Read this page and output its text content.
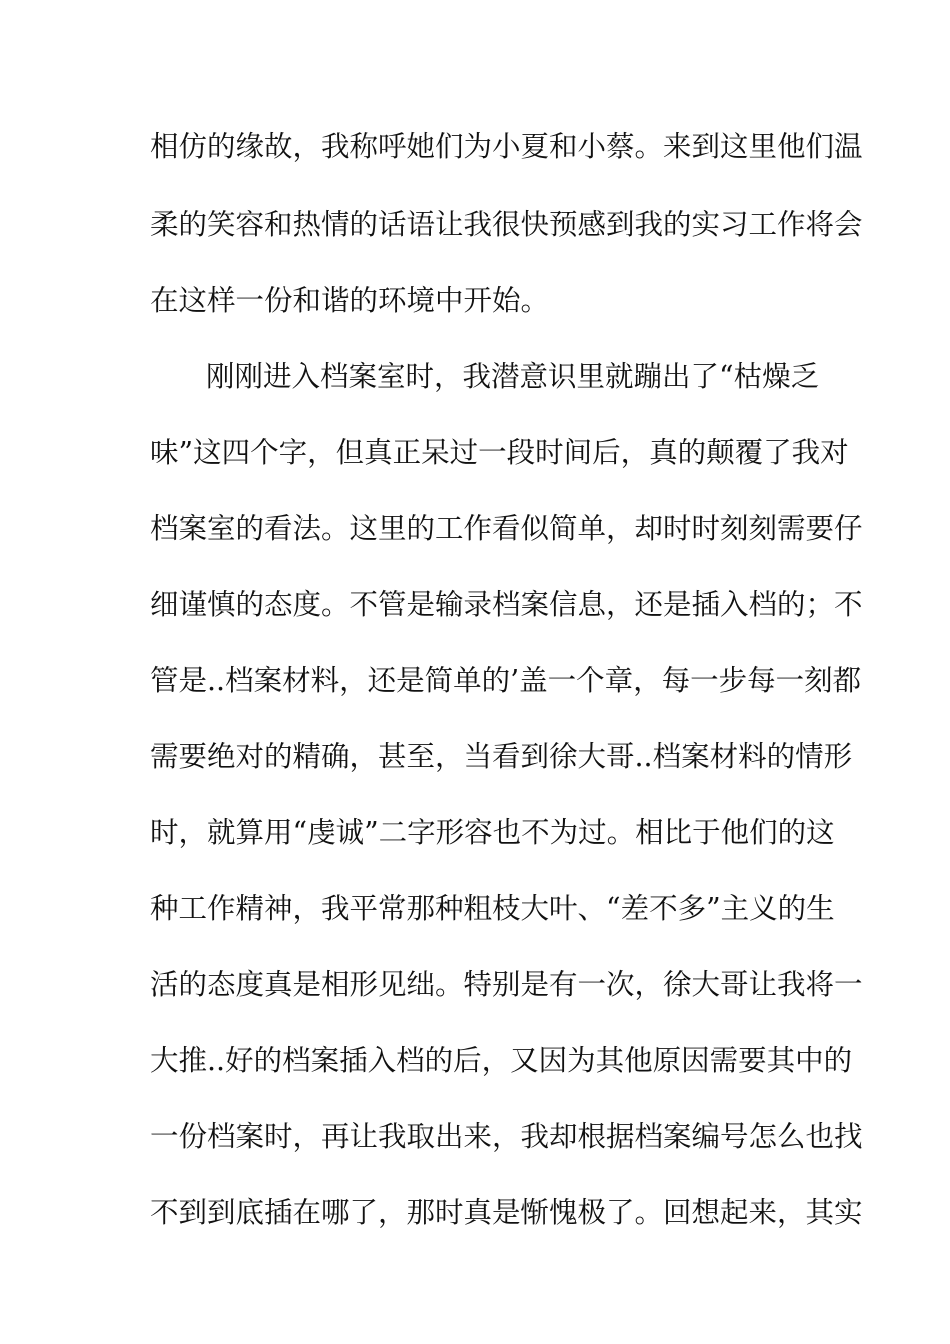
相仿的缘故，我称呼她们为小夏和小蔡。来到这里他们温
柔的笑容和热情的话语让我很快预感到我的实习工作将会
在这样一份和谐的环境中开始。
刚刚进入档案室时，我潜意识里就蹦出了“枯燥乏
味”这四个字，但真正呆过一段时间后，真的颠覆了我对
档案室的看法。这里的工作看似简单，却时时刻刻需要仔
细谨慎的态度。不管是输录档案信息，还是插入档的；不
管是..档案材料，还是简单的’盖一个章，每一步每一刻都
需要绝对的精确，甚至，当看到徐大哥..档案材料的情形
时，就算用“虔诚”二字形容也不为过。相比于他们的这
种工作精神，我平常那种粗枝大叶、“差不多”主义的生
活的态度真是相形见绌。特别是有一次，徐大哥让我将一
大推..好的档案插入档的后，又因为其他原因需要其中的
一份档案时，再让我取出来，我却根据档案编号怎么也找
不到到底插在哪了，那时真是惭愧极了。回想起来，其实
